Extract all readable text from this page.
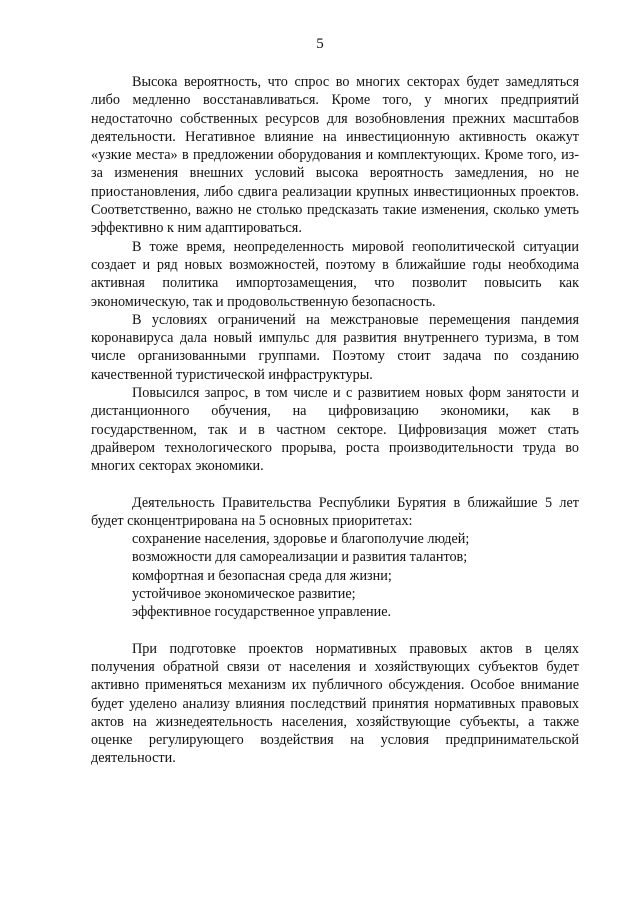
5

Высока вероятность, что спрос во многих секторах будет замедляться либо медленно восстанавливаться. Кроме того, у многих предприятий недостаточно собственных ресурсов для возобновления прежних масштабов деятельности. Негативное влияние на инвестиционную активность окажут «узкие места» в предложении оборудования и комплектующих. Кроме того, из-за изменения внешних условий высока вероятность замедления, но не приостановления, либо сдвига реализации крупных инвестиционных проектов. Соответственно, важно не столько предсказать такие изменения, сколько уметь эффективно к ним адаптироваться.

В тоже время, неопределенность мировой геополитической ситуации создает и ряд новых возможностей, поэтому в ближайшие годы необходима активная политика импортозамещения, что позволит повысить как экономическую, так и продовольственную безопасность.

В условиях ограничений на межстрановые перемещения пандемия коронавируса дала новый импульс для развития внутреннего туризма, в том числе организованными группами. Поэтому стоит задача по созданию качественной туристической инфраструктуры.

Повысился запрос, в том числе и с развитием новых форм занятости и дистанционного обучения, на цифровизацию экономики, как в государственном, так и в частном секторе. Цифровизация может стать драйвером технологического прорыва, роста производительности труда во многих секторах экономики.

Деятельность Правительства Республики Бурятия в ближайшие 5 лет будет сконцентрирована на 5 основных приоритетах:

сохранение населения, здоровье и благополучие людей;
возможности для самореализации и развития талантов;
комфортная и безопасная среда для жизни;
устойчивое экономическое развитие;
эффективное государственное управление.

При подготовке проектов нормативных правовых актов в целях получения обратной связи от населения и хозяйствующих субъектов будет активно применяться механизм их публичного обсуждения. Особое внимание будет уделено анализу влияния последствий принятия нормативных правовых актов на жизнедеятельность населения, хозяйствующие субъекты, а также оценке регулирующего воздействия на условия предпринимательской деятельности.
